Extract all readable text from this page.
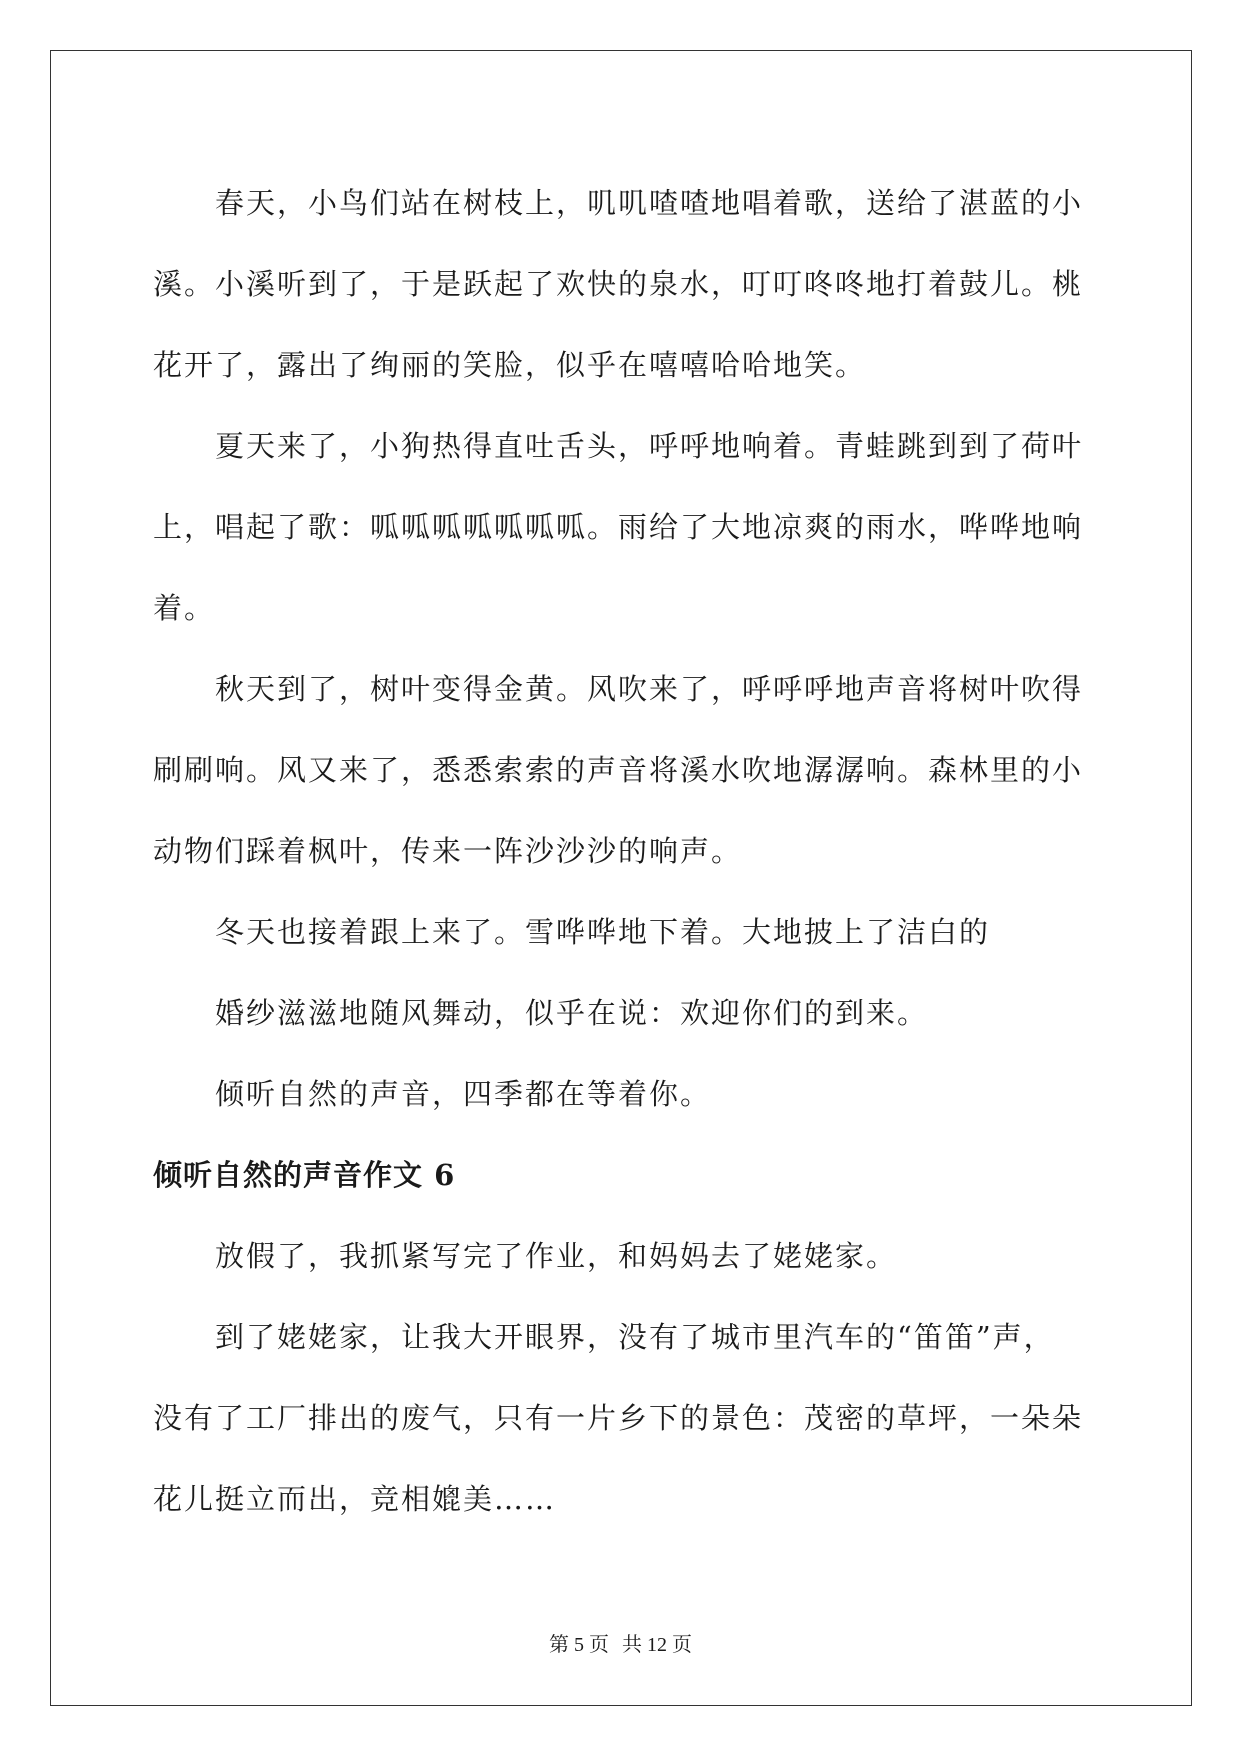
春天，小鸟们站在树枝上，叽叽喳喳地唱着歌，送给了湛蓝的小
溪。小溪听到了，于是跃起了欢快的泉水，叮叮咚咚地打着鼓儿。桃
花开了，露出了绚丽的笑脸，似乎在嘻嘻哈哈地笑。

夏天来了，小狗热得直吐舌头，呼呼地响着。青蛙跳到到了荷叶
上，唱起了歌：呱呱呱呱呱呱呱。雨给了大地凉爽的雨水，哗哗地响
着。

秋天到了，树叶变得金黄。风吹来了，呼呼呼地声音将树叶吹得
刷刷响。风又来了，悉悉索索的声音将溪水吹地潺潺响。森林里的小
动物们踩着枫叶，传来一阵沙沙沙的响声。

冬天也接着跟上来了。雪哗哗地下着。大地披上了洁白的

婚纱滋滋地随风舞动，似乎在说：欢迎你们的到来。

倾听自然的声音，四季都在等着你。

倾听自然的声音作文 6

放假了，我抓紧写完了作业，和妈妈去了姥姥家。

到了姥姥家，让我大开眼界，没有了城市里汽车的“笛笛”声，
没有了工厂排出的废气，只有一片乡下的景色：茂密的草坪，一朵朵
花儿挺立而出，竞相媲美……

第 5 页 共 12 页
